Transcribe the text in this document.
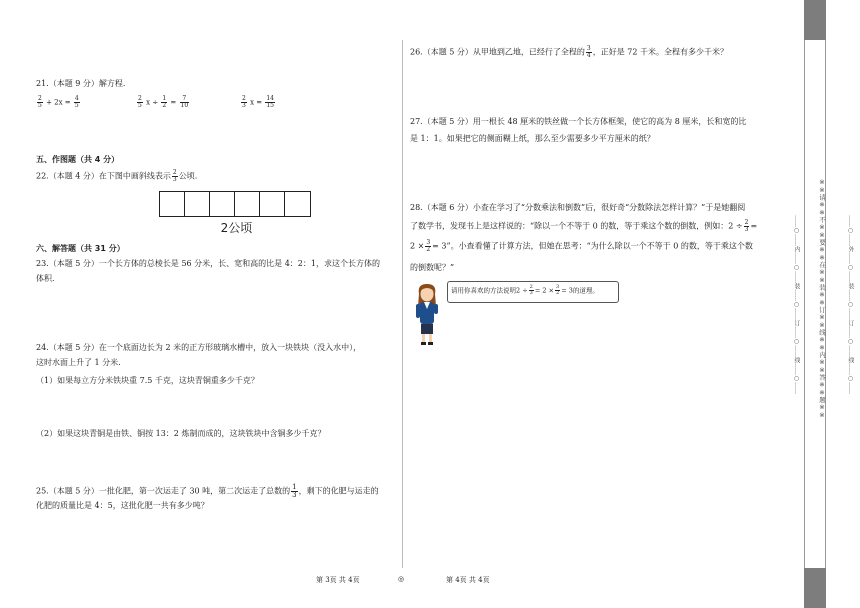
21.（本题 9 分）解方程.
$\frac{2}{5} + 2x = \frac{4}{5}$	$\frac{2}{5}$ $x \div \frac{1}{2} = \frac{7}{10}$	$\frac{2}{3}$ $x = \frac{14}{15}$
五、作图题（共 4 分）
22.（本题 4 分）在下图中画斜线表示 $\frac{2}{3}$ 公顷.
2公顷
六、解答题（共 31 分）
23.（本题 5 分）一个长方体的总棱长是 56 分米，长、宽和高的比是 4：2：1，求这个长方体的
体积.
24.（本题 5 分）在一个底面边长为 2 米的正方形玻璃水槽中，放入一块铁块（没入水中），
这时水面上升了 1 分米.
（1）如果每立方分米铁块重 7.5 千克，这块青铜重多少千克？
（2）如果这块青铜是由铁、铜按 13：2 炼制而成的，这块铁块中含铜多少千克？
25.（本题 5 分）一批化肥，第一次运走了 30 吨，第二次运走了总数的 $\frac{1}{3}$ ，剩下的化肥与运走的
化肥的质量比是 4：5，这批化肥一共有多少吨？
26.（本题 5 分）从甲地到乙地，已经行了全程的 $\frac{3}{4}$ ，正好是 72 千米。全程有多少千米？
27.（本题 5 分）用一根长 48 厘米的铁丝做一个长方体框架，使它的高为 8 厘米，长和宽的比
是 1：1。如果把它的侧面糊上纸，那么至少需要多少平方厘米的纸？
28.（本题 6 分）小查在学习了“分数乘法和倒数”后，很好奇“分数除法怎样计算？”于是她翻阅
了数学书，发现书上是这样说的：“除以一个不等于 0 的数，等于乘这个数的倒数，例如：$2 \div \frac{2}{3}$ =
$2 \times \frac{3}{2} = 3$”。小查看懂了计算方法，但她在思考：“为什么除以一个不等于 0 的数，等于乘这个数
的倒数呢？”
请用你喜欢的方法说明$2 \div \frac{2}{3} = 2 \times \frac{3}{2} = 3$的道理。
第 3页 共 4页	◎	第 4页 共 4页
……○……内……○……装……○……订……○……线……○……	……○……外……○……装……○……订……○……线……○……
※※请※※不※※要※※在※※装※※订※※线※※内※※答※※题※※
